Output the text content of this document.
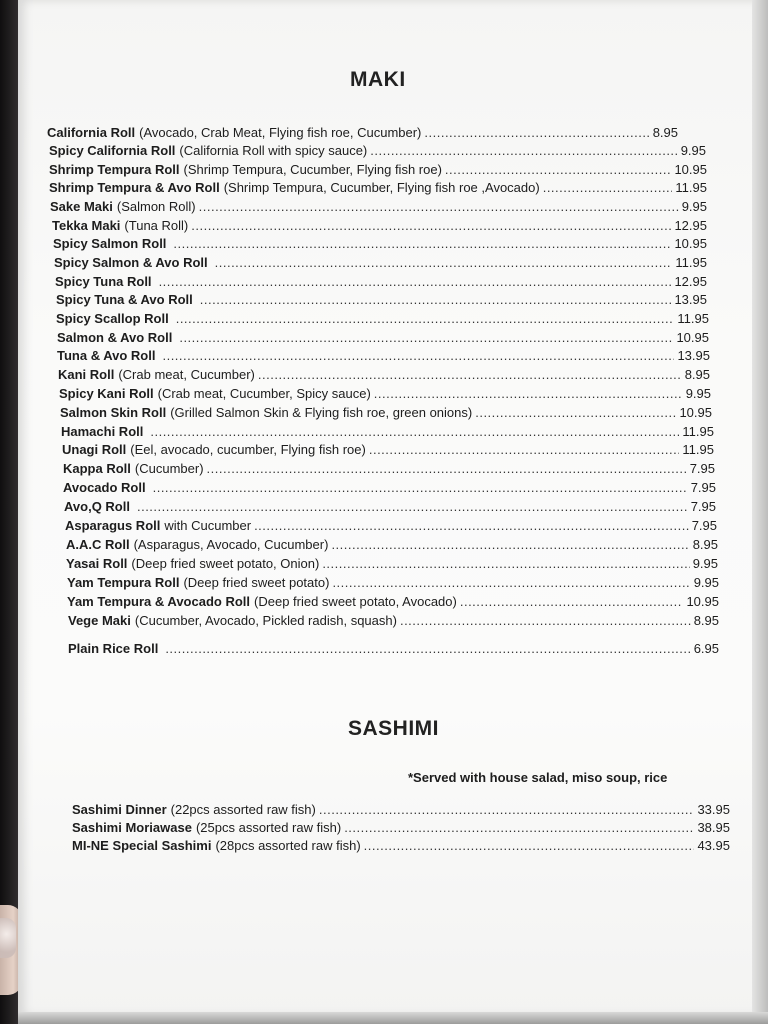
MAKI
California Roll (Avocado, Crab Meat, Flying fish roe, Cucumber) .....	8.95
Spicy California Roll (California Roll with spicy sauce) .....	9.95
Shrimp Tempura Roll (Shrimp Tempura, Cucumber, Flying fish roe) .....	10.95
Shrimp Tempura & Avo Roll (Shrimp Tempura, Cucumber, Flying fish roe ,Avocado) .....	11.95
Sake Maki (Salmon Roll) .....	9.95
Tekka Maki (Tuna Roll) .....	12.95
Spicy Salmon Roll .....	10.95
Spicy Salmon & Avo Roll .....	11.95
Spicy Tuna Roll .....	12.95
Spicy Tuna & Avo Roll .....	13.95
Spicy Scallop Roll .....	11.95
Salmon & Avo Roll .....	10.95
Tuna & Avo Roll .....	13.95
Kani Roll (Crab meat, Cucumber) .....	8.95
Spicy Kani Roll (Crab meat, Cucumber, Spicy sauce) .....	9.95
Salmon Skin Roll (Grilled Salmon Skin & Flying fish roe, green onions) .....	10.95
Hamachi Roll .....	11.95
Unagi Roll (Eel, avocado, cucumber, Flying fish roe) .....	11.95
Kappa Roll (Cucumber) .....	7.95
Avocado Roll .....	7.95
Avo,Q Roll .....	7.95
Asparagus Roll with Cucumber .....	7.95
A.A.C Roll (Asparagus, Avocado, Cucumber) .....	8.95
Yasai Roll (Deep fried sweet potato, Onion) .....	9.95
Yam Tempura Roll (Deep fried sweet potato) .....	9.95
Yam Tempura & Avocado Roll (Deep fried sweet potato, Avocado) .....	10.95
Vege Maki (Cucumber, Avocado, Pickled radish, squash) .....	8.95
Plain Rice Roll .....	6.95
SASHIMI
*Served with house salad, miso soup, rice
Sashimi Dinner (22pcs assorted raw fish) .....	33.95
Sashimi Moriawase (25pcs assorted raw fish) .....	38.95
MI-NE Special Sashimi (28pcs assorted raw fish) .....	43.95
